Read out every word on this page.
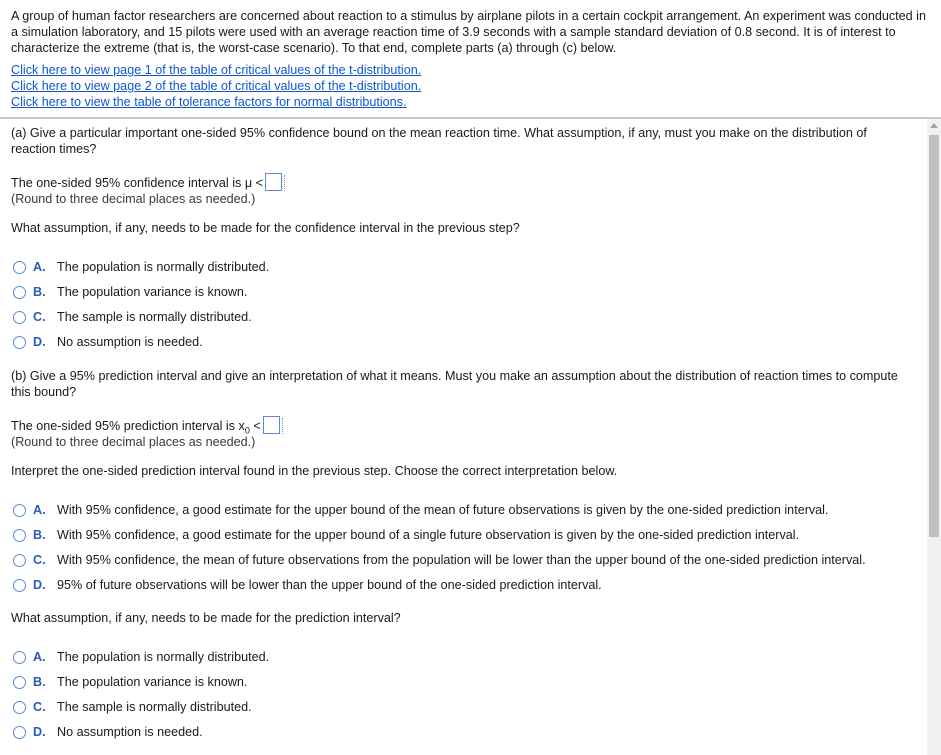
A group of human factor researchers are concerned about reaction to a stimulus by airplane pilots in a certain cockpit arrangement. An experiment was conducted in a simulation laboratory, and 15 pilots were used with an average reaction time of 3.9 seconds with a sample standard deviation of 0.8 second. It is of interest to characterize the extreme (that is, the worst-case scenario). To that end, complete parts (a) through (c) below.
Click here to view page 1 of the table of critical values of the t-distribution.
Click here to view page 2 of the table of critical values of the t-distribution.
Click here to view the table of tolerance factors for normal distributions.
(a) Give a particular important one-sided 95% confidence bound on the mean reaction time. What assumption, if any, must you make on the distribution of reaction times?
The one-sided 95% confidence interval is μ <
(Round to three decimal places as needed.)
What assumption, if any, needs to be made for the confidence interval in the previous step?
A. The population is normally distributed.
B. The population variance is known.
C. The sample is normally distributed.
D. No assumption is needed.
(b) Give a 95% prediction interval and give an interpretation of what it means. Must you make an assumption about the distribution of reaction times to compute this bound?
The one-sided 95% prediction interval is $x_0$ <
(Round to three decimal places as needed.)
Interpret the one-sided prediction interval found in the previous step. Choose the correct interpretation below.
A. With 95% confidence, a good estimate for the upper bound of the mean of future observations is given by the one-sided prediction interval.
B. With 95% confidence, a good estimate for the upper bound of a single future observation is given by the one-sided prediction interval.
C. With 95% confidence, the mean of future observations from the population will be lower than the upper bound of the one-sided prediction interval.
D. 95% of future observations will be lower than the upper bound of the one-sided prediction interval.
What assumption, if any, needs to be made for the prediction interval?
A. The population is normally distributed.
B. The population variance is known.
C. The sample is normally distributed.
D. No assumption is needed.
